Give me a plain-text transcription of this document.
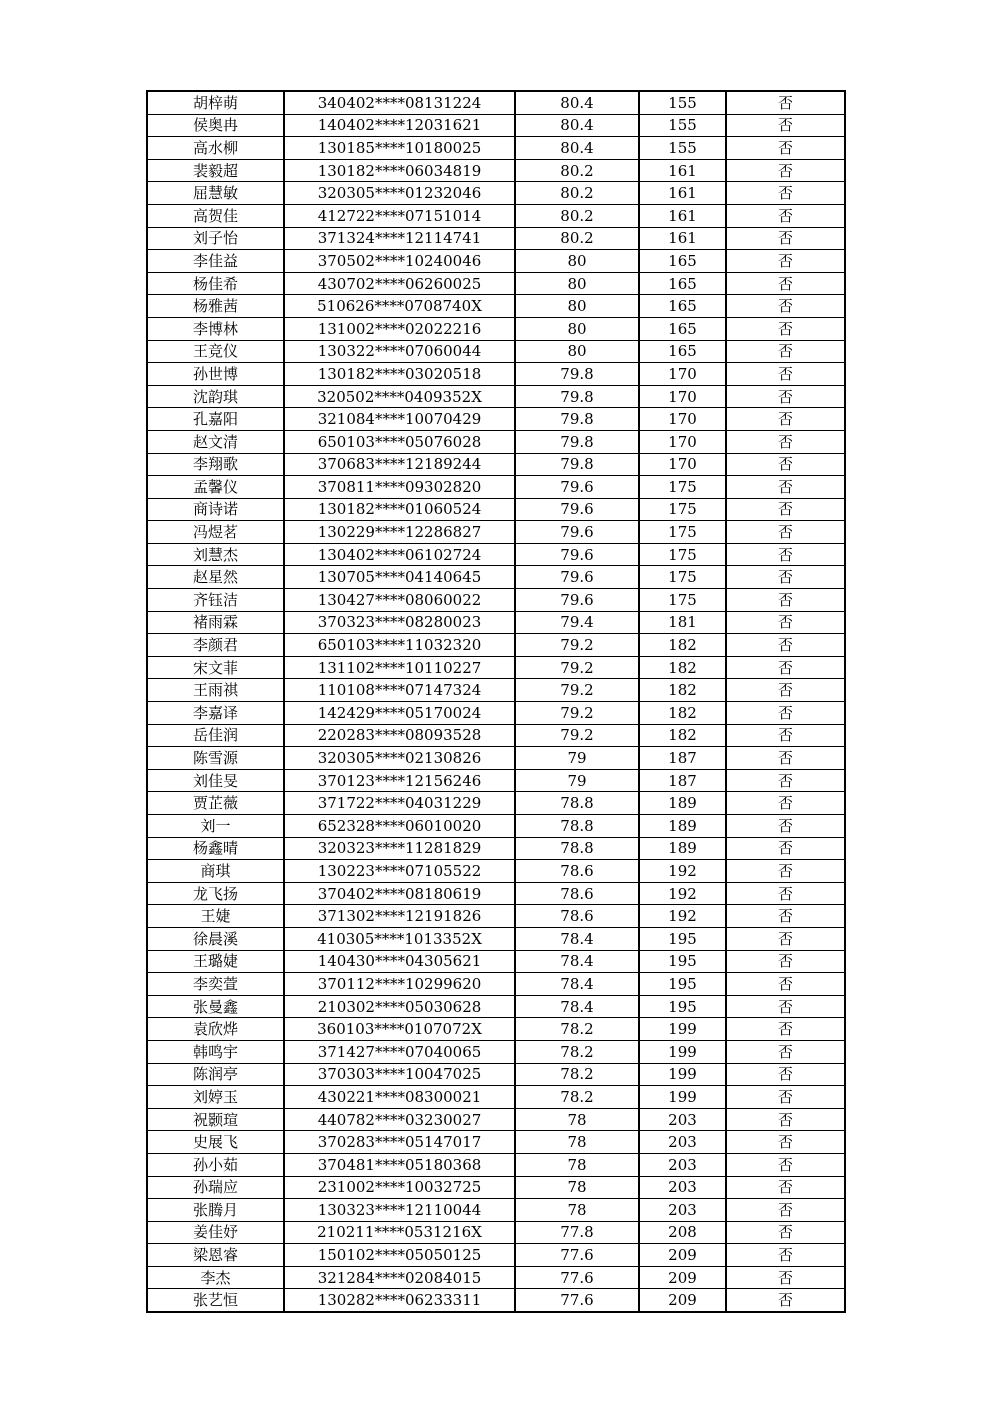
胡梓萌	340402****08131224	80.4	155	否
侯奥冉	140402****12031621	80.4	155	否
高水柳	130185****10180025	80.4	155	否
裴毅超	130182****06034819	80.2	161	否
屈慧敏	320305****01232046	80.2	161	否
高贺佳	412722****07151014	80.2	161	否
刘子怡	371324****12114741	80.2	161	否
李佳益	370502****10240046	80	165	否
杨佳希	430702****06260025	80	165	否
杨雅茜	510626****0708740X	80	165	否
李博林	131002****02022216	80	165	否
王竞仪	130322****07060044	80	165	否
孙世博	130182****03020518	79.8	170	否
沈韵琪	320502****0409352X	79.8	170	否
孔嘉阳	321084****10070429	79.8	170	否
赵文清	650103****05076028	79.8	170	否
李翔歌	370683****12189244	79.8	170	否
孟馨仪	370811****09302820	79.6	175	否
商诗诺	130182****01060524	79.6	175	否
冯煜茗	130229****12286827	79.6	175	否
刘慧杰	130402****06102724	79.6	175	否
赵星然	130705****04140645	79.6	175	否
齐钰洁	130427****08060022	79.6	175	否
褚雨霖	370323****08280023	79.4	181	否
李颜君	650103****11032320	79.2	182	否
宋文菲	131102****10110227	79.2	182	否
王雨祺	110108****07147324	79.2	182	否
李嘉译	142429****05170024	79.2	182	否
岳佳润	220283****08093528	79.2	182	否
陈雪源	320305****02130826	79	187	否
刘佳旻	370123****12156246	79	187	否
贾芷薇	371722****04031229	78.8	189	否
刘一	652328****06010020	78.8	189	否
杨鑫晴	320323****11281829	78.8	189	否
商琪	130223****07105522	78.6	192	否
龙飞扬	370402****08180619	78.6	192	否
王婕	371302****12191826	78.6	192	否
徐晨溪	410305****1013352X	78.4	195	否
王璐婕	140430****04305621	78.4	195	否
李奕萱	370112****10299620	78.4	195	否
张曼鑫	210302****05030628	78.4	195	否
袁欣烨	360103****0107072X	78.2	199	否
韩鸣宇	371427****07040065	78.2	199	否
陈润亭	370303****10047025	78.2	199	否
刘婷玉	430221****08300021	78.2	199	否
祝颢瑄	440782****03230027	78	203	否
史展飞	370283****05147017	78	203	否
孙小茹	370481****05180368	78	203	否
孙瑞应	231002****10032725	78	203	否
张腾月	130323****12110044	78	203	否
姜佳妤	210211****0531216X	77.8	208	否
梁恩睿	150102****05050125	77.6	209	否
李杰	321284****02084015	77.6	209	否
张艺恒	130282****06233311	77.6	209	否
